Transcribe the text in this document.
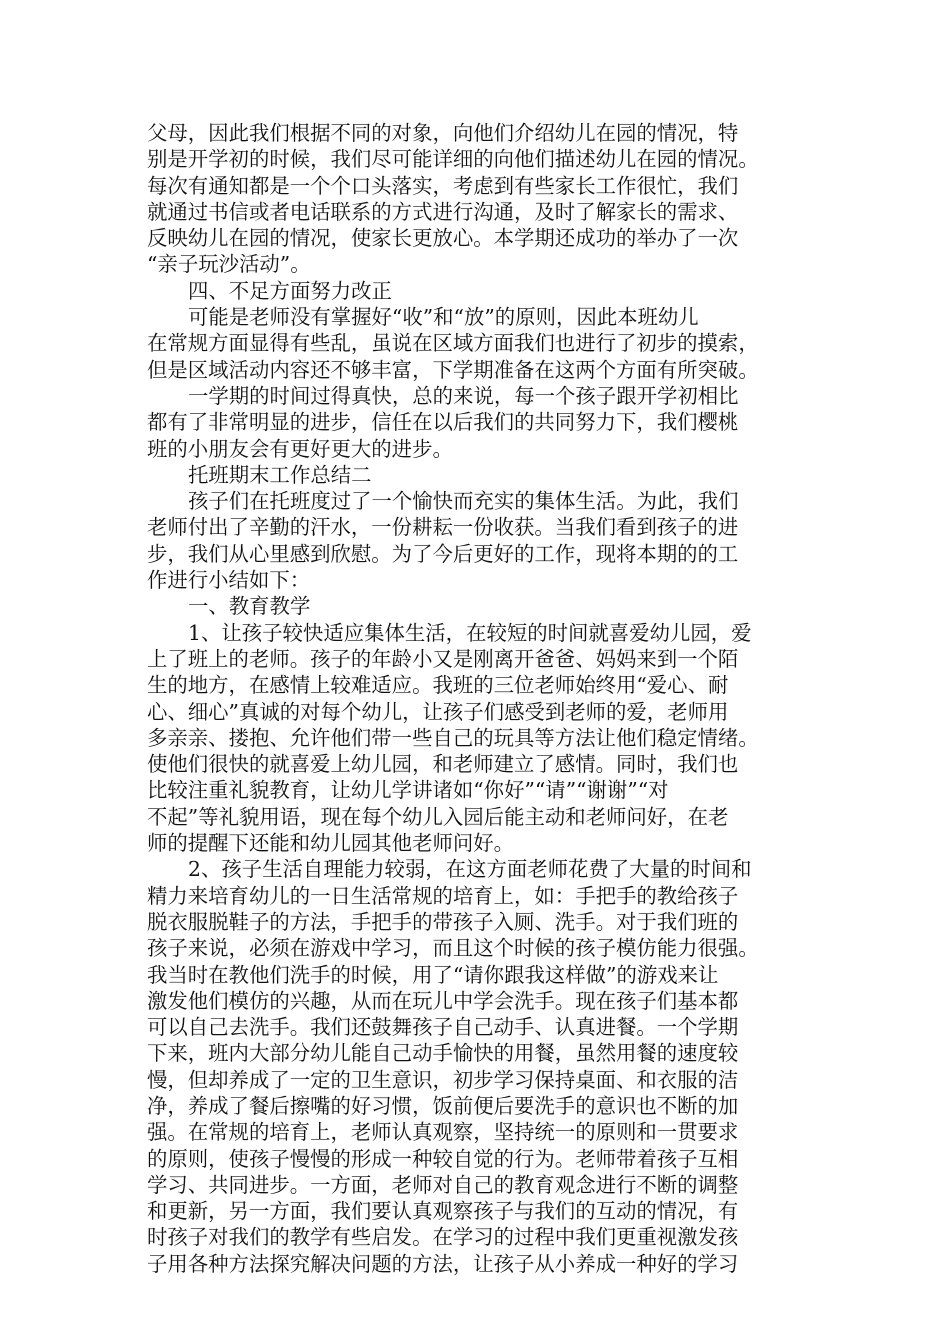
父母，因此我们根据不同的对象，向他们介绍幼儿在园的情况，特
别是开学初的时候，我们尽可能详细的向他们描述幼儿在园的情况。
每次有通知都是一个个口头落实，考虑到有些家长工作很忙，我们
就通过书信或者电话联系的方式进行沟通，及时了解家长的需求、
反映幼儿在园的情况，使家长更放心。本学期还成功的举办了一次
“亲子玩沙活动”。
四、不足方面努力改正
可能是老师没有掌握好“收”和“放”的原则，因此本班幼儿
在常规方面显得有些乱，虽说在区域方面我们也进行了初步的摸索，
但是区域活动内容还不够丰富，下学期准备在这两个方面有所突破。
一学期的时间过得真快，总的来说，每一个孩子跟开学初相比
都有了非常明显的进步，信任在以后我们的共同努力下，我们樱桃
班的小朋友会有更好更大的进步。
托班期末工作总结二
孩子们在托班度过了一个愉快而充实的集体生活。为此，我们
老师付出了辛勤的汗水，一份耕耘一份收获。当我们看到孩子的进
步，我们从心里感到欣慰。为了今后更好的工作，现将本期的的工
作进行小结如下：
一、教育教学
1、让孩子较快适应集体生活，在较短的时间就喜爱幼儿园，爱
上了班上的老师。孩子的年龄小又是刚离开爸爸、妈妈来到一个陌
生的地方，在感情上较难适应。我班的三位老师始终用“爱心、耐
心、细心”真诚的对每个幼儿，让孩子们感受到老师的爱，老师用
多亲亲、搂抱、允许他们带一些自己的玩具等方法让他们稳定情绪。
使他们很快的就喜爱上幼儿园，和老师建立了感情。同时，我们也
比较注重礼貌教育，让幼儿学讲诸如“你好”“请”“谢谢”“对
不起”等礼貌用语，现在每个幼儿入园后能主动和老师问好，在老
师的提醒下还能和幼儿园其他老师问好。
2、孩子生活自理能力较弱，在这方面老师花费了大量的时间和
精力来培育幼儿的一日生活常规的培育上，如：手把手的教给孩子
脱衣服脱鞋子的方法，手把手的带孩子入厕、洗手。对于我们班的
孩子来说，必须在游戏中学习，而且这个时候的孩子模仿能力很强。
我当时在教他们洗手的时候，用了“请你跟我这样做”的游戏来让
激发他们模仿的兴趣，从而在玩儿中学会洗手。现在孩子们基本都
可以自己去洗手。我们还鼓舞孩子自己动手、认真进餐。一个学期
下来，班内大部分幼儿能自己动手愉快的用餐，虽然用餐的速度较
慢，但却养成了一定的卫生意识，初步学习保持桌面、和衣服的洁
净，养成了餐后擦嘴的好习惯，饭前便后要洗手的意识也不断的加
强。在常规的培育上，老师认真观察，坚持统一的原则和一贯要求
的原则，使孩子慢慢的形成一种较自觉的行为。老师带着孩子互相
学习、共同进步。一方面，老师对自己的教育观念进行不断的调整
和更新，另一方面，我们要认真观察孩子与我们的互动的情况，有
时孩子对我们的教学有些启发。在学习的过程中我们更重视激发孩
子用各种方法探究解决问题的方法，让孩子从小养成一种好的学习
